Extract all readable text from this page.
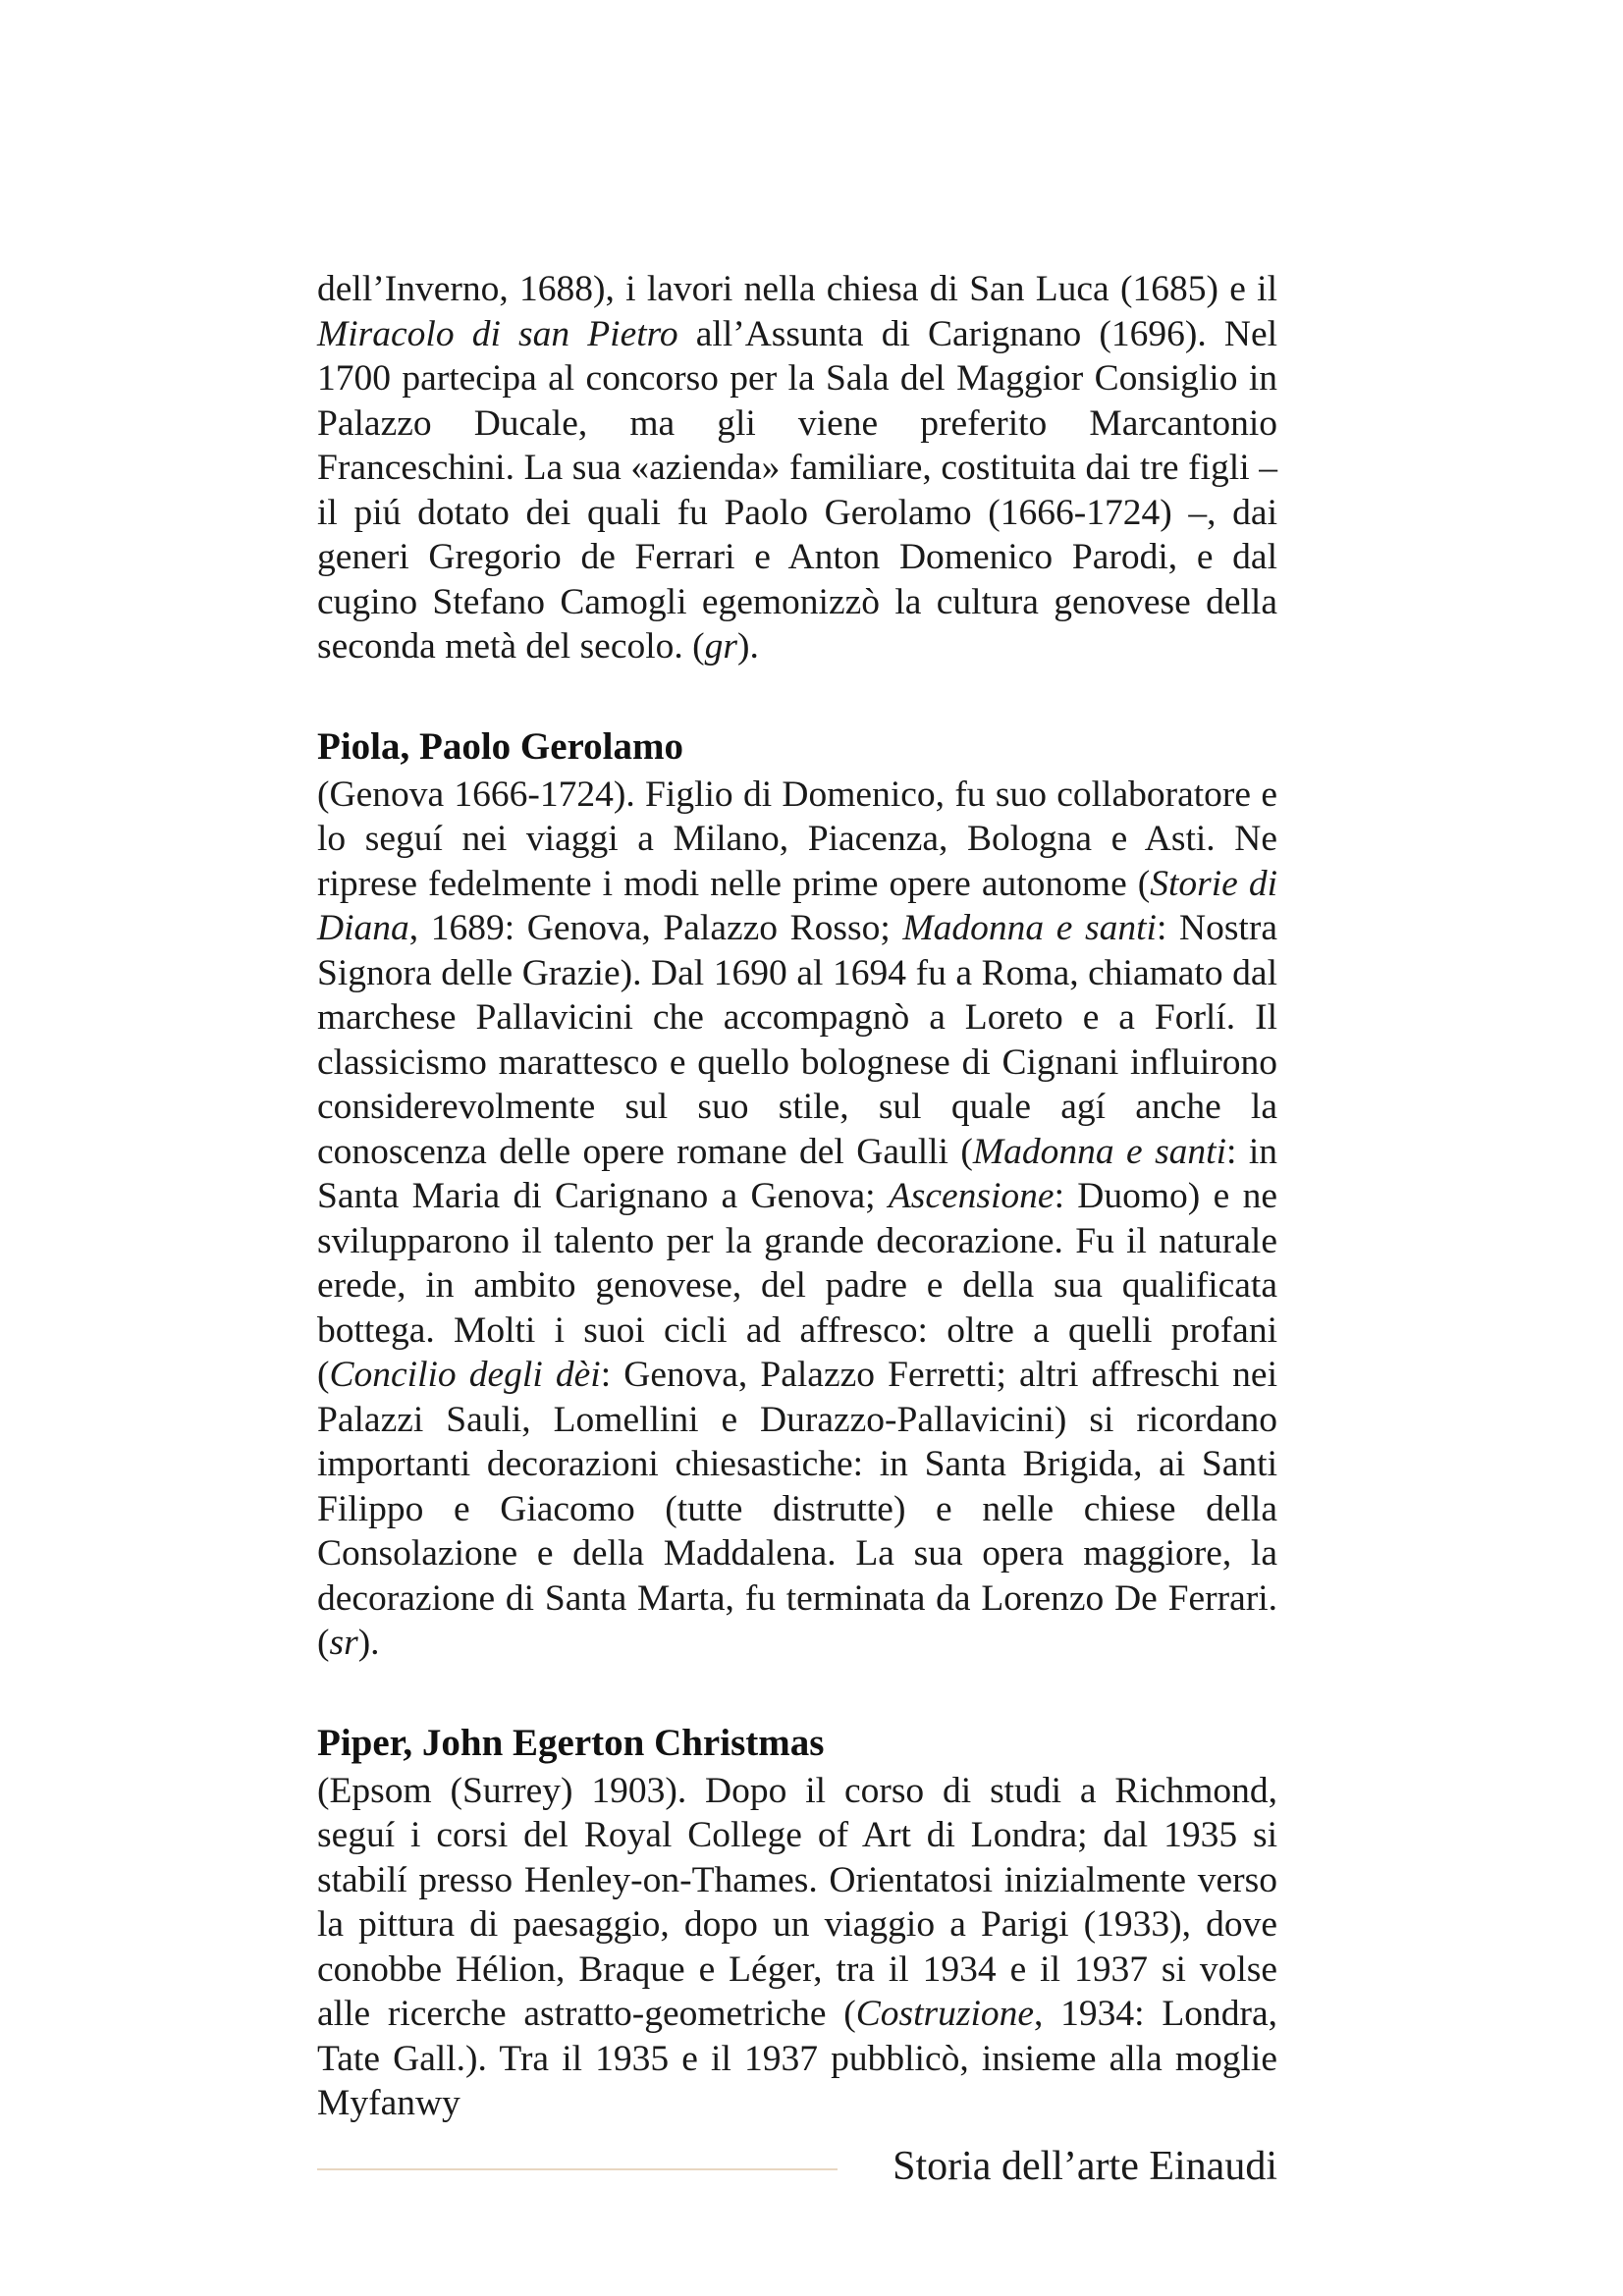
dell’Inverno, 1688), i lavori nella chiesa di San Luca (1685) e il Miracolo di san Pietro all’Assunta di Carignano (1696). Nel 1700 partecipa al concorso per la Sala del Maggior Consiglio in Palazzo Ducale, ma gli viene preferito Marcantonio Franceschini. La sua «azienda» familiare, costituita dai tre figli – il piú dotato dei quali fu Paolo Gerolamo (1666-1724) –, dai generi Gregorio de Ferrari e Anton Domenico Parodi, e dal cugino Stefano Camogli egemonizzò la cultura genovese della seconda metà del secolo. (gr).

Piola, Paolo Gerolamo

(Genova 1666-1724). Figlio di Domenico, fu suo collaboratore e lo seguí nei viaggi a Milano, Piacenza, Bologna e Asti. Ne riprese fedelmente i modi nelle prime opere autonome (Storie di Diana, 1689: Genova, Palazzo Rosso; Madonna e santi: Nostra Signora delle Grazie). Dal 1690 al 1694 fu a Roma, chiamato dal marchese Pallavicini che accompagnò a Loreto e a Forlí. Il classicismo marattesco e quello bolognese di Cignani influirono considerevolmente sul suo stile, sul quale agí anche la conoscenza delle opere romane del Gaulli (Madonna e santi: in Santa Maria di Carignano a Genova; Ascensione: Duomo) e ne svilupparono il talento per la grande decorazione. Fu il naturale erede, in ambito genovese, del padre e della sua qualificata bottega. Molti i suoi cicli ad affresco: oltre a quelli profani (Concilio degli dèi: Genova, Palazzo Ferretti; altri affreschi nei Palazzi Sauli, Lomellini e Durazzo-Pallavicini) si ricordano importanti decorazioni chiesastiche: in Santa Brigida, ai Santi Filippo e Giacomo (tutte distrutte) e nelle chiese della Consolazione e della Maddalena. La sua opera maggiore, la decorazione di Santa Marta, fu terminata da Lorenzo De Ferrari. (sr).

Piper, John Egerton Christmas

(Epsom (Surrey) 1903). Dopo il corso di studi a Richmond, seguí i corsi del Royal College of Art di Londra; dal 1935 si stabilí presso Henley-on-Thames. Orientatosi inizialmente verso la pittura di paesaggio, dopo un viaggio a Parigi (1933), dove conobbe Hélion, Braque e Léger, tra il 1934 e il 1937 si volse alle ricerche astratto-geometriche (Costruzione, 1934: Londra, Tate Gall.). Tra il 1935 e il 1937 pubblicò, insieme alla moglie Myfanwy

Storia dell’arte Einaudi
